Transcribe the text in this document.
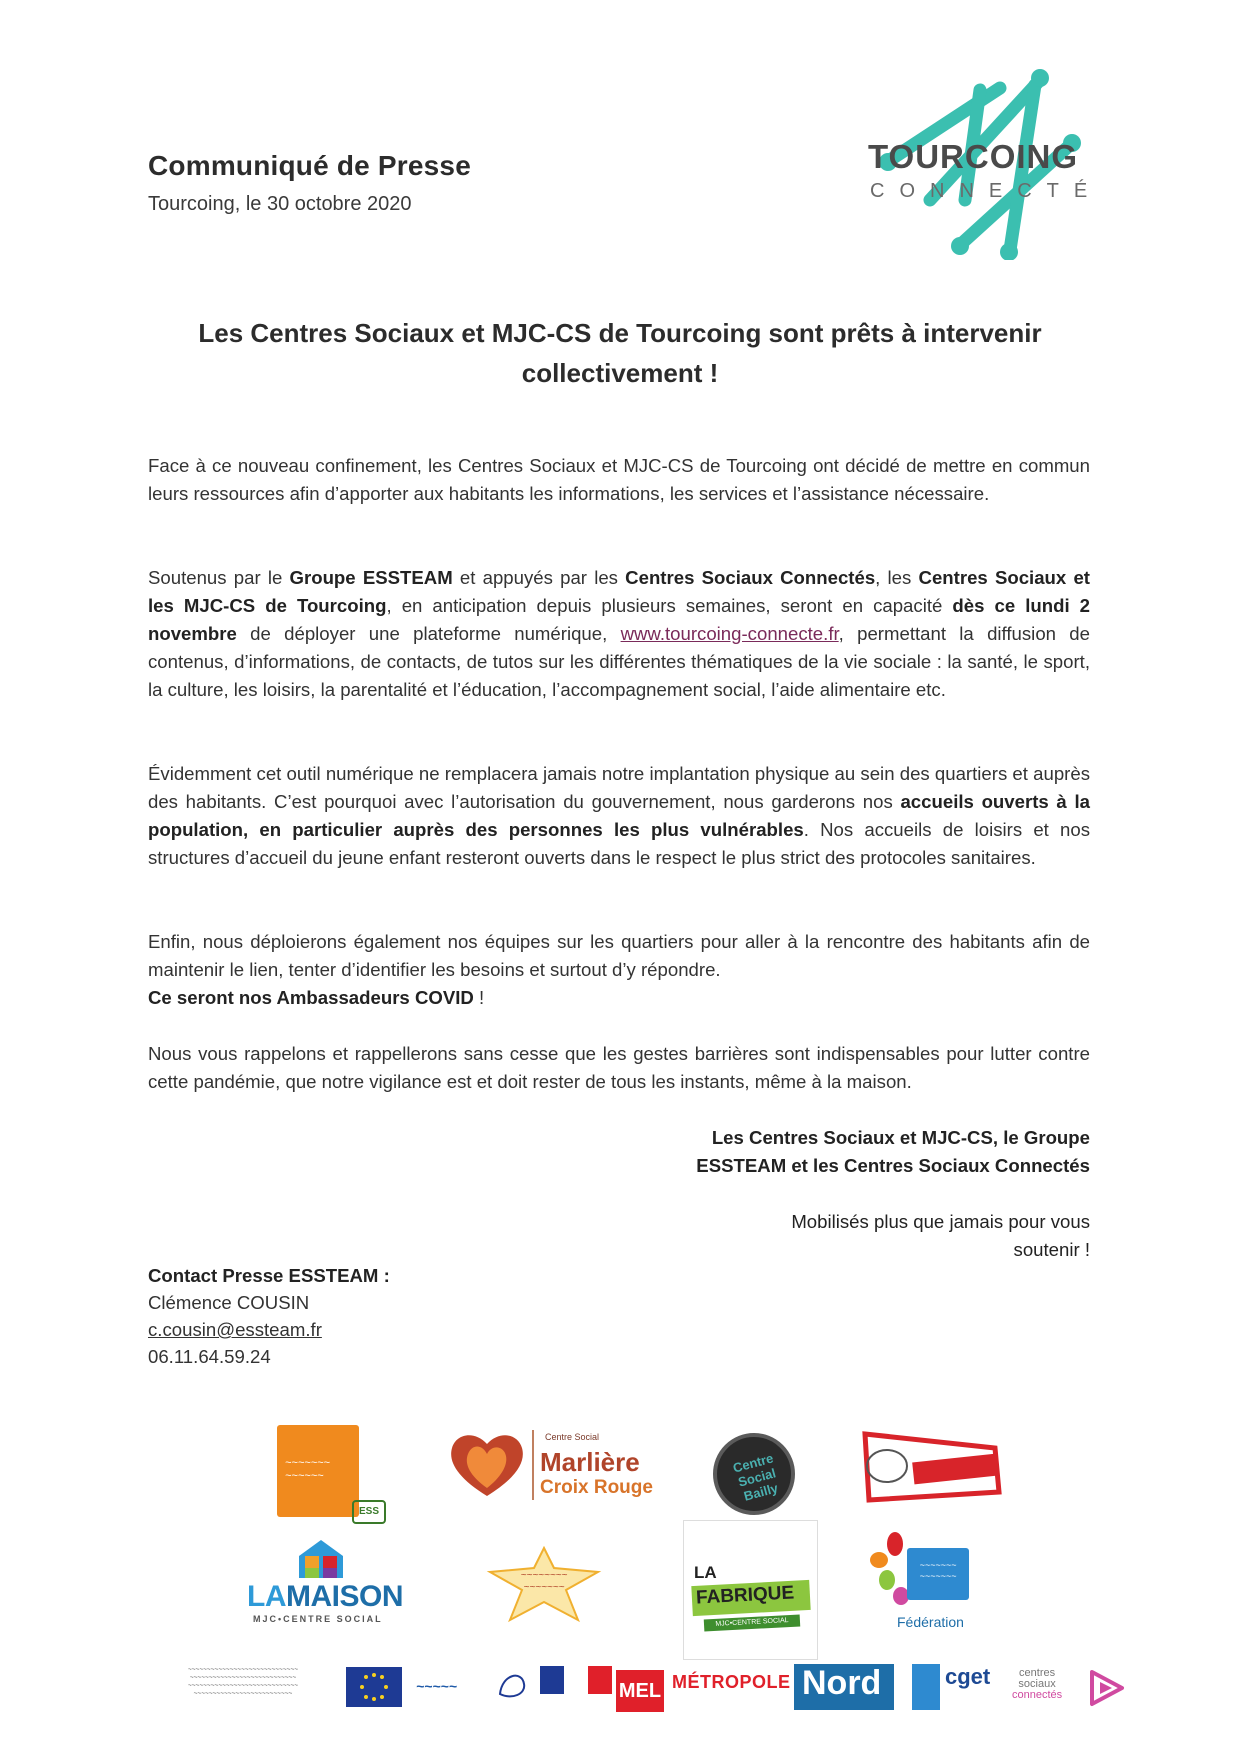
Communiqué de Presse
Tourcoing, le 30 octobre 2020
TOURCOING
CONNECTÉ
Les Centres Sociaux et MJC-CS de Tourcoing sont prêts à intervenir
collectivement !

Face à ce nouveau confinement, les Centres Sociaux et MJC-CS de Tourcoing ont décidé de mettre en commun leurs ressources afin d’apporter aux habitants les informations, les services et l’assistance nécessaire.

Soutenus par le Groupe ESSTEAM et appuyés par les Centres Sociaux Connectés, les Centres Sociaux et les MJC-CS de Tourcoing, en anticipation depuis plusieurs semaines, seront en capacité dès ce lundi 2 novembre de déployer une plateforme numérique, www.tourcoing-connecte.fr, permettant la diffusion de contenus, d’informations, de contacts, de tutos sur les différentes thématiques de la vie sociale : la santé, le sport, la culture, les loisirs, la parentalité et l’éducation, l’accompagnement social, l’aide alimentaire etc.

Évidemment cet outil numérique ne remplacera jamais notre implantation physique au sein des quartiers et auprès des habitants. C’est pourquoi avec l’autorisation du gouvernement, nous garderons nos accueils ouverts à la population, en particulier auprès des personnes les plus vulnérables. Nos accueils de loisirs et nos structures d’accueil du jeune enfant resteront ouverts dans le respect le plus strict des protocoles sanitaires.

Enfin, nous déploierons également nos équipes sur les quartiers pour aller à la rencontre des habitants afin de maintenir le lien, tenter d’identifier les besoins et surtout d’y répondre.
Ce seront nos Ambassadeurs COVID !

Nous vous rappelons et rappellerons sans cesse que les gestes barrières sont indispensables pour lutter contre cette pandémie, que notre vigilance est et doit rester de tous les instants, même à la maison.

Les Centres Sociaux et MJC-CS, le Groupe
ESSTEAM et les Centres Sociaux Connectés
Mobilisés plus que jamais pour vous
soutenir !
Contact Presse ESSTEAM :
Clémence COUSIN
c.cousin@essteam.fr
06.11.64.59.24
~~~~~~~
~~~~~~
ESS
Centre Social
Marlière
Croix Rouge
Centre Social Bailly
LAMAISON
MJC•CENTRE SOCIAL
~~~~~~~~
~~~~~~~
LA
FABRIQUE
MJC•CENTRE SOCIAL
~~~~~~~
~~~~~~~
Fédération
~~~~~~~~~~~~~~~~~~~~~~~~~~~~~
~~~~~~~~~~~~~~~~~~~~~~~~~~~~
~~~~~~~~~~~~~~~~~~~~~~~~~~~~~
~~~~~~~~~~~~~~~~~~~~~~~~~~	~~~~~	MEL MÉTROPOLE Nord	cget	centres
sociaux
connectés
